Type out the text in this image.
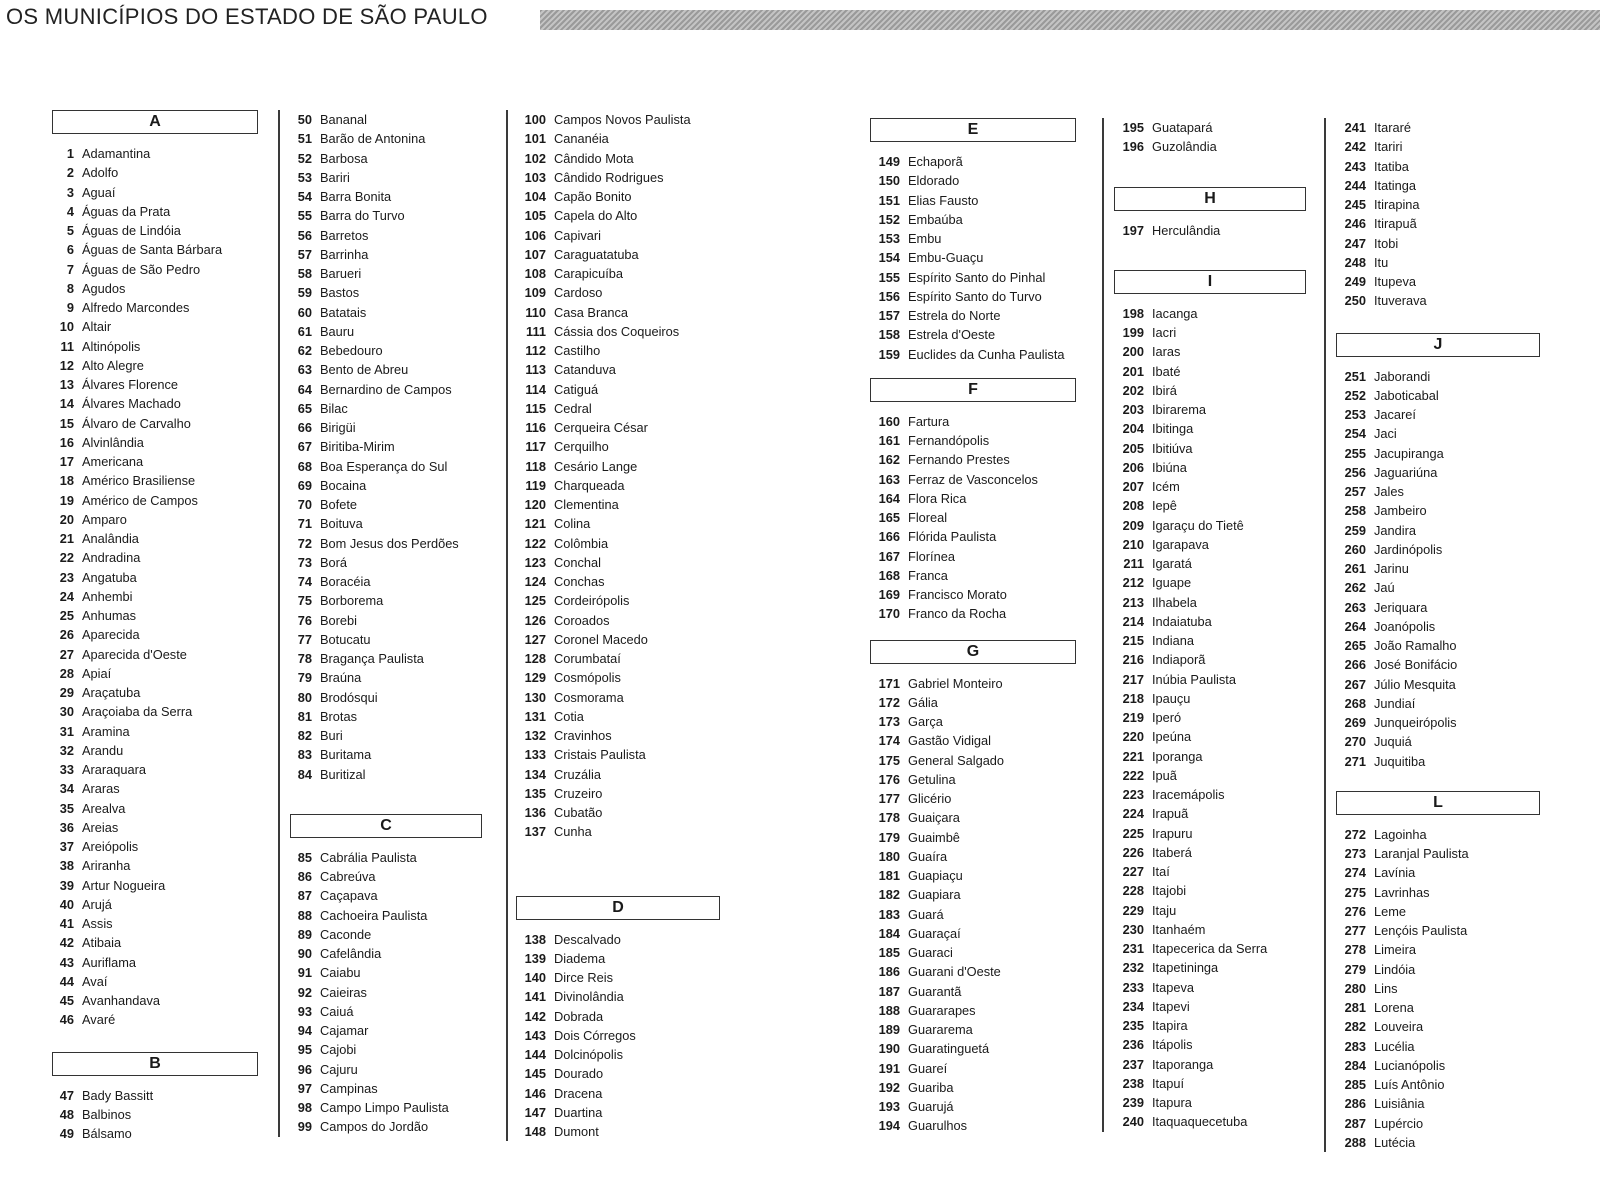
OS MUNICÍPIOS DO ESTADO DE SÃO PAULO
A
1 Adamantina
2 Adolfo
3 Aguaí
4 Águas da Prata
5 Águas de Lindóia
6 Águas de Santa Bárbara
7 Águas de São Pedro
8 Agudos
9 Alfredo Marcondes
10 Altair
11 Altinópolis
12 Alto Alegre
13 Álvares Florence
14 Álvares Machado
15 Álvaro de Carvalho
16 Alvinlândia
17 Americana
18 Américo Brasiliense
19 Américo de Campos
20 Amparo
21 Analândia
22 Andradina
23 Angatuba
24 Anhembi
25 Anhumas
26 Aparecida
27 Aparecida d'Oeste
28 Apiaí
29 Araçatuba
30 Araçoiaba da Serra
31 Aramina
32 Arandu
33 Araraquara
34 Araras
35 Arealva
36 Areias
37 Areiópolis
38 Ariranha
39 Artur Nogueira
40 Arujá
41 Assis
42 Atibaia
43 Auriflama
44 Avaí
45 Avanhandava
46 Avaré
B
47 Bady Bassitt
48 Balbinos
49 Bálsamo
50 Bananal
51 Barão de Antonina
52 Barbosa
53 Bariri
54 Barra Bonita
55 Barra do Turvo
56 Barretos
57 Barrinha
58 Barueri
59 Bastos
60 Batatais
61 Bauru
62 Bebedouro
63 Bento de Abreu
64 Bernardino de Campos
65 Bilac
66 Birigüi
67 Biritiba-Mirim
68 Boa Esperança do Sul
69 Bocaina
70 Bofete
71 Boituva
72 Bom Jesus dos Perdões
73 Borá
74 Boracéia
75 Borborema
76 Borebi
77 Botucatu
78 Bragança Paulista
79 Braúna
80 Brodósqui
81 Brotas
82 Buri
83 Buritama
84 Buritizal
C
85 Cabrália Paulista
86 Cabreúva
87 Caçapava
88 Cachoeira Paulista
89 Caconde
90 Cafelândia
91 Caiabu
92 Caieiras
93 Caiuá
94 Cajamar
95 Cajobi
96 Cajuru
97 Campinas
98 Campo Limpo Paulista
99 Campos do Jordão
100 Campos Novos Paulista
101 Cananéia
102 Cândido Mota
103 Cândido Rodrigues
104 Capão Bonito
105 Capela do Alto
106 Capivari
107 Caraguatatuba
108 Carapicuíba
109 Cardoso
110 Casa Branca
111 Cássia dos Coqueiros
112 Castilho
113 Catanduva
114 Catiguá
115 Cedral
116 Cerqueira César
117 Cerquilho
118 Cesário Lange
119 Charqueada
120 Clementina
121 Colina
122 Colômbia
123 Conchal
124 Conchas
125 Cordeirópolis
126 Coroados
127 Coronel Macedo
128 Corumbataí
129 Cosmópolis
130 Cosmorama
131 Cotia
132 Cravinhos
133 Cristais Paulista
134 Cruzália
135 Cruzeiro
136 Cubatão
137 Cunha
D
138 Descalvado
139 Diadema
140 Dirce Reis
141 Divinolândia
142 Dobrada
143 Dois Córregos
144 Dolcinópolis
145 Dourado
146 Dracena
147 Duartina
148 Dumont
E
149 Echaporã
150 Eldorado
151 Elias Fausto
152 Embaúba
153 Embu
154 Embu-Guaçu
155 Espírito Santo do Pinhal
156 Espírito Santo do Turvo
157 Estrela do Norte
158 Estrela d'Oeste
159 Euclides da Cunha Paulista
F
160 Fartura
161 Fernandópolis
162 Fernando Prestes
163 Ferraz de Vasconcelos
164 Flora Rica
165 Floreal
166 Flórida Paulista
167 Florínea
168 Franca
169 Francisco Morato
170 Franco da Rocha
G
171 Gabriel Monteiro
172 Gália
173 Garça
174 Gastão Vidigal
175 General Salgado
176 Getulina
177 Glicério
178 Guaiçara
179 Guaimbê
180 Guaíra
181 Guapiaçu
182 Guapiara
183 Guará
184 Guaraçaí
185 Guaraci
186 Guarani d'Oeste
187 Guarantã
188 Guararapes
189 Guararema
190 Guaratinguetá
191 Guareí
192 Guariba
193 Guarujá
194 Guarulhos
195 Guatapará
196 Guzolândia
H
197 Herculândia
I
198 Iacanga
199 Iacri
200 Iaras
201 Ibaté
202 Ibirá
203 Ibirarema
204 Ibitinga
205 Ibitiúva
206 Ibiúna
207 Icém
208 Iepê
209 Igaraçu do Tietê
210 Igarapava
211 Igaratá
212 Iguape
213 Ilhabela
214 Indaiatuba
215 Indiana
216 Indiaporã
217 Inúbia Paulista
218 Ipauçu
219 Iperó
220 Ipeúna
221 Iporanga
222 Ipuã
223 Iracemápolis
224 Irapuã
225 Irapuru
226 Itaberá
227 Itaí
228 Itajobi
229 Itaju
230 Itanhaém
231 Itapecerica da Serra
232 Itapetininga
233 Itapeva
234 Itapevi
235 Itapira
236 Itápolis
237 Itaporanga
238 Itapuí
239 Itapura
240 Itaquaquecetuba
241 Itararé
242 Itariri
243 Itatiba
244 Itatinga
245 Itirapina
246 Itirapuã
247 Itobi
248 Itu
249 Itupeva
250 Ituverava
J
251 Jaborandi
252 Jaboticabal
253 Jacareí
254 Jaci
255 Jacupiranga
256 Jaguariúna
257 Jales
258 Jambeiro
259 Jandira
260 Jardinópolis
261 Jarinu
262 Jaú
263 Jeriquara
264 Joanópolis
265 João Ramalho
266 José Bonifácio
267 Júlio Mesquita
268 Jundiaí
269 Junqueirópolis
270 Juquiá
271 Juquitiba
L
272 Lagoinha
273 Laranjal Paulista
274 Lavínia
275 Lavrinhas
276 Leme
277 Lençóis Paulista
278 Limeira
279 Lindóia
280 Lins
281 Lorena
282 Louveira
283 Lucélia
284 Lucianópolis
285 Luís Antônio
286 Luisiânia
287 Lupércio
288 Lutécia
